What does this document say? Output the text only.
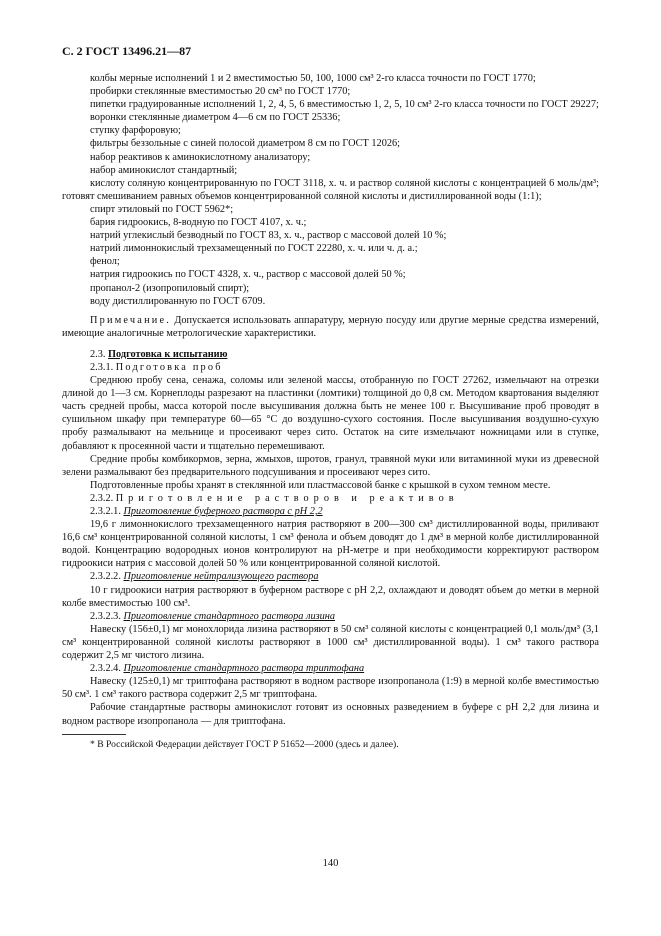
С. 2 ГОСТ 13496.21—87

колбы мерные исполнений 1 и 2 вместимостью 50, 100, 1000 см³ 2-го класса точности по ГОСТ 1770;

пробирки стеклянные вместимостью 20 см³ по ГОСТ 1770;

пипетки градуированные исполнений 1, 2, 4, 5, 6 вместимостью 1, 2, 5, 10 см³ 2-го класса точности по ГОСТ 29227;

воронки стеклянные диаметром 4—6 см по ГОСТ 25336;

ступку фарфоровую;

фильтры беззольные с синей полосой диаметром 8 см по ГОСТ 12026;

набор реактивов к аминокислотному анализатору;

набор аминокислот стандартный;

кислоту соляную концентрированную по ГОСТ 3118, х. ч. и раствор соляной кислоты с концентрацией 6 моль/дм³; готовят смешиванием равных объемов концентрированной соляной кислоты и дистиллированной воды (1:1);

спирт этиловый по ГОСТ 5962*;

бария гидроокись, 8-водную по ГОСТ 4107, х. ч.;

натрий углекислый безводный по ГОСТ 83, х. ч., раствор с массовой долей 10 %;

натрий лимоннокислый трехзамещенный по ГОСТ 22280, х. ч. или ч. д. а.;

фенол;

натрия гидроокись по ГОСТ 4328, х. ч., раствор с массовой долей 50 %;

пропанол-2 (изопропиловый спирт);

воду дистиллированную по ГОСТ 6709.

Примечание. Допускается использовать аппаратуру, мерную посуду или другие мерные средства измерений, имеющие аналогичные метрологические характеристики.

2.3. Подготовка к испытанию

2.3.1. Подготовка проб

Среднюю пробу сена, сенажа, соломы или зеленой массы, отобранную по ГОСТ 27262, измельчают на отрезки длиной до 1—3 см. Корнеплоды разрезают на пластинки (ломтики) толщиной до 0,8 см. Методом квартования выделяют часть средней пробы, масса которой после высушивания должна быть не менее 100 г. Высушивание проб проводят в сушильном шкафу при температуре 60—65 °С до воздушно-сухого состояния. После высушивания воздушно-сухую пробу размалывают на мельнице и просеивают через сито. Остаток на сите измельчают ножницами или в ступке, добавляют к просеянной части и тщательно перемешивают.

Средние пробы комбикормов, зерна, жмыхов, шротов, гранул, травяной муки или витаминной муки из древесной зелени размалывают без предварительного подсушивания и просеивают через сито.

Подготовленные пробы хранят в стеклянной или пластмассовой банке с крышкой в сухом темном месте.

2.3.2. Приготовление растворов и реактивов

2.3.2.1. Приготовление буферного раствора с рН 2,2

19,6 г лимоннокислого трехзамещенного натрия растворяют в 200—300 см³ дистиллированной воды, приливают 16,6 см³ концентрированной соляной кислоты, 1 см³ фенола и объем доводят до 1 дм³ в мерной колбе дистиллированной водой. Концентрацию водородных ионов контролируют на рН-метре и при необходимости корректируют раствором гидроокиси натрия с массовой долей 50 % или концентрированной соляной кислотой.

2.3.2.2. Приготовление нейтрализующего раствора

10 г гидроокиси натрия растворяют в буферном растворе с рН 2,2, охлаждают и доводят объем до метки в мерной колбе вместимостью 100 см³.

2.3.2.3. Приготовление стандартного раствора лизина

Навеску (156±0,1) мг монохлорида лизина растворяют в 50 см³ соляной кислоты с концентрацией 0,1 моль/дм³ (3,1 см³ концентрированной соляной кислоты растворяют в 1000 см³ дистиллированной воды). 1 см³ такого раствора содержит 2,5 мг чистого лизина.

2.3.2.4. Приготовление стандартного раствора триптофана

Навеску (125±0,1) мг триптофана растворяют в водном растворе изопропанола (1:9) в мерной колбе вместимостью 50 см³. 1 см³ такого раствора содержит 2,5 мг триптофана.

Рабочие стандартные растворы аминокислот готовят из основных разведением в буфере с рН 2,2 для лизина и водном растворе изопропанола — для триптофана.

* В Российской Федерации действует ГОСТ Р 51652—2000 (здесь и далее).

140
